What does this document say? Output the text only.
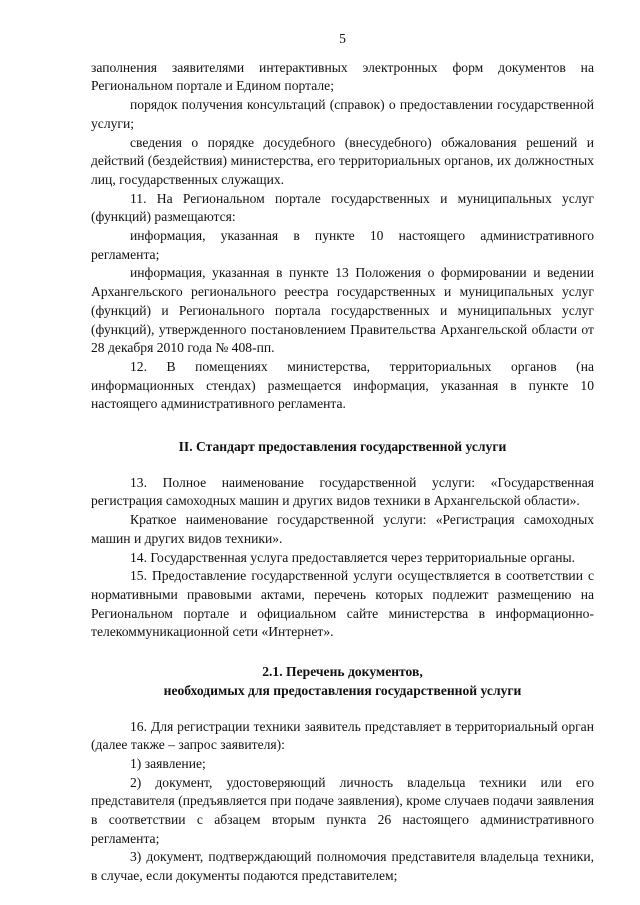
5

заполнения заявителями интерактивных электронных форм документов на Региональном портале и Едином портале;

порядок получения консультаций (справок) о предоставлении государственной услуги;

сведения о порядке досудебного (внесудебного) обжалования решений и действий (бездействия) министерства, его территориальных органов, их должностных лиц, государственных служащих.

11. На Региональном портале государственных и муниципальных услуг (функций) размещаются:

информация, указанная в пункте 10 настоящего административного регламента;

информация, указанная в пункте 13 Положения о формировании и ведении Архангельского регионального реестра государственных и муниципальных услуг (функций) и Регионального портала государственных и муниципальных услуг (функций), утвержденного постановлением Правительства Архангельской области от 28 декабря 2010 года № 408-пп.

12. В помещениях министерства, территориальных органов (на информационных стендах) размещается информация, указанная в пункте 10 настоящего административного регламента.

II. Стандарт предоставления государственной услуги

13. Полное наименование государственной услуги: «Государственная регистрация самоходных машин и других видов техники в Архангельской области».

Краткое наименование государственной услуги: «Регистрация самоходных машин и других видов техники».

14. Государственная услуга предоставляется через территориальные органы.

15. Предоставление государственной услуги осуществляется в соответствии с нормативными правовыми актами, перечень которых подлежит размещению на Региональном портале и официальном сайте министерства в информационно-телекоммуникационной сети «Интернет».

2.1. Перечень документов,
необходимых для предоставления государственной услуги

16. Для регистрации техники заявитель представляет в территориальный орган (далее также – запрос заявителя):

1) заявление;

2) документ, удостоверяющий личность владельца техники или его представителя (предъявляется при подаче заявления), кроме случаев подачи заявления в соответствии с абзацем вторым пункта 26 настоящего административного регламента;

3) документ, подтверждающий полномочия представителя владельца техники, в случае, если документы подаются представителем;
